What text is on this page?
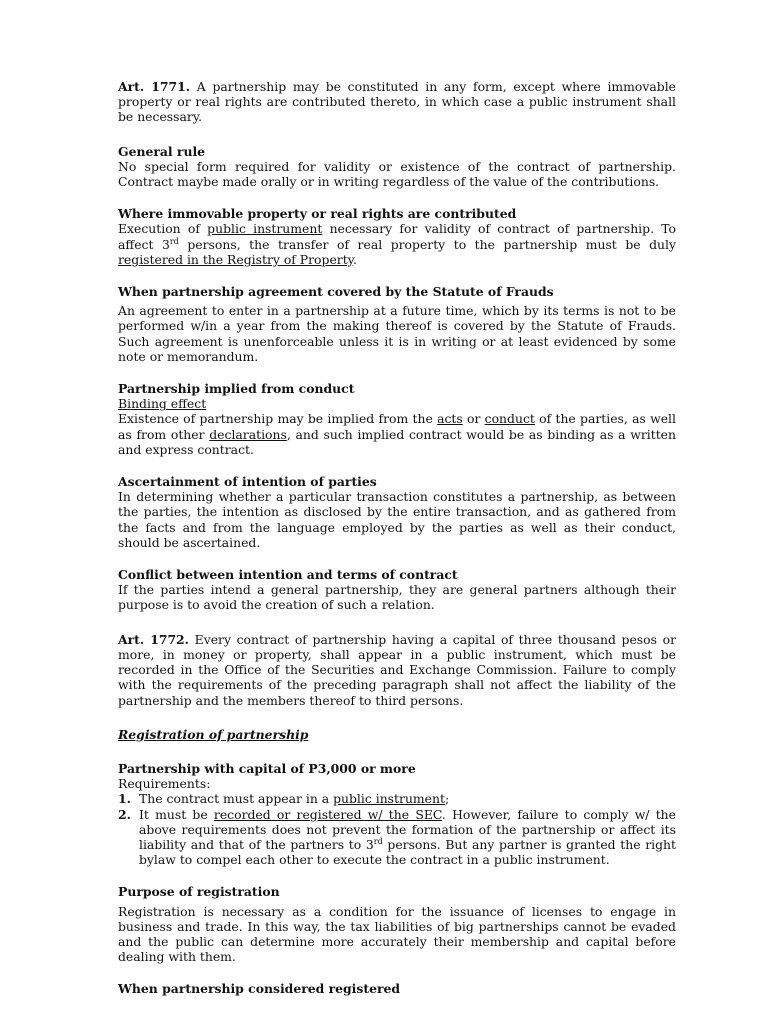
Art. 1771. A partnership may be constituted in any form, except where immovable property or real rights are contributed thereto, in which case a public instrument shall be necessary.

General rule

No special form required for validity or existence of the contract of partnership. Contract maybe made orally or in writing regardless of the value of the contributions.

Where immovable property or real rights are contributed

Execution of public instrument necessary for validity of contract of partnership. To affect 3rd persons, the transfer of real property to the partnership must be duly registered in the Registry of Property.

When partnership agreement covered by the Statute of Frauds

An agreement to enter in a partnership at a future time, which by its terms is not to be performed w/in a year from the making thereof is covered by the Statute of Frauds. Such agreement is unenforceable unless it is in writing or at least evidenced by some note or memorandum.

Partnership implied from conduct

Binding effect

Existence of partnership may be implied from the acts or conduct of the parties, as well as from other declarations, and such implied contract would be as binding as a written and express contract.

Ascertainment of intention of parties

In determining whether a particular transaction constitutes a partnership, as between the parties, the intention as disclosed by the entire transaction, and as gathered from the facts and from the language employed by the parties as well as their conduct, should be ascertained.

Conflict between intention and terms of contract

If the parties intend a general partnership, they are general partners although their purpose is to avoid the creation of such a relation.

Art. 1772. Every contract of partnership having a capital of three thousand pesos or more, in money or property, shall appear in a public instrument, which must be recorded in the Office of the Securities and Exchange Commission. Failure to comply with the requirements of the preceding paragraph shall not affect the liability of the partnership and the members thereof to third persons.

Registration of partnership

Partnership with capital of P3,000 or more

Requirements:

1. The contract must appear in a public instrument;
2. It must be recorded or registered w/ the SEC. However, failure to comply w/ the above requirements does not prevent the formation of the partnership or affect its liability and that of the partners to 3rd persons. But any partner is granted the right bylaw to compel each other to execute the contract in a public instrument.

Purpose of registration

Registration is necessary as a condition for the issuance of licenses to engage in business and trade. In this way, the tax liabilities of big partnerships cannot be evaded and the public can determine more accurately their membership and capital before dealing with them.

When partnership considered registered
